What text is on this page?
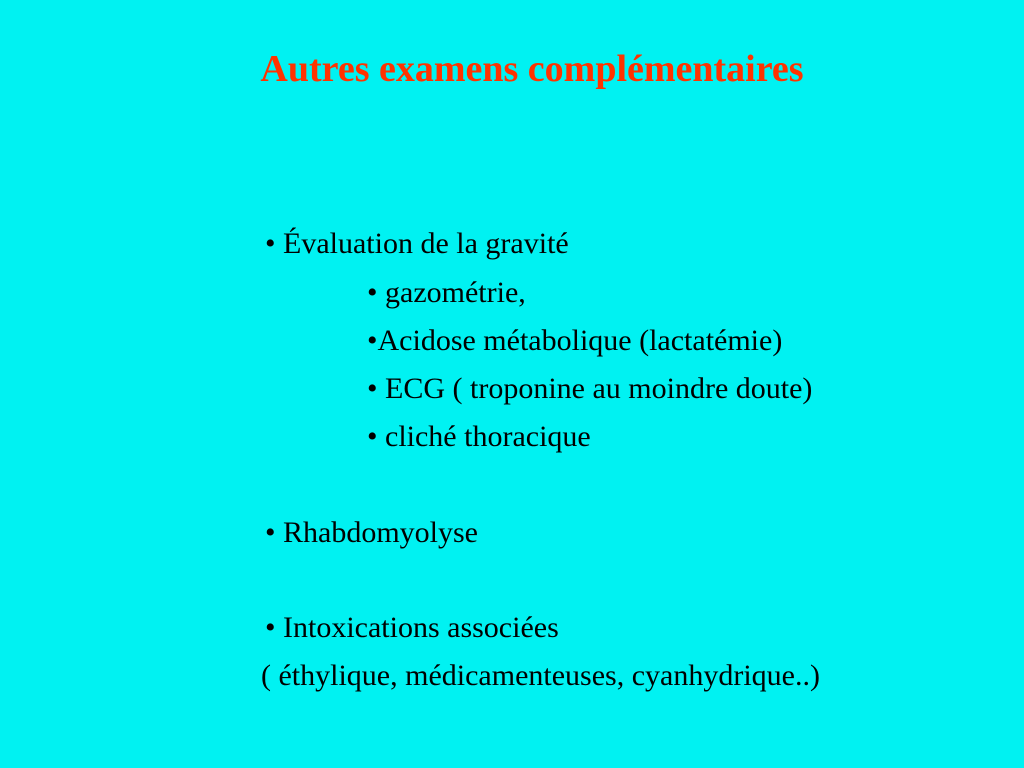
Autres examens complémentaires
• Évaluation de la gravité
• gazométrie,
•Acidose métabolique (lactatémie)
• ECG ( troponine au moindre doute)
• cliché thoracique
• Rhabdomyolyse
• Intoxications associées
( éthylique, médicamenteuses, cyanhydrique..)
